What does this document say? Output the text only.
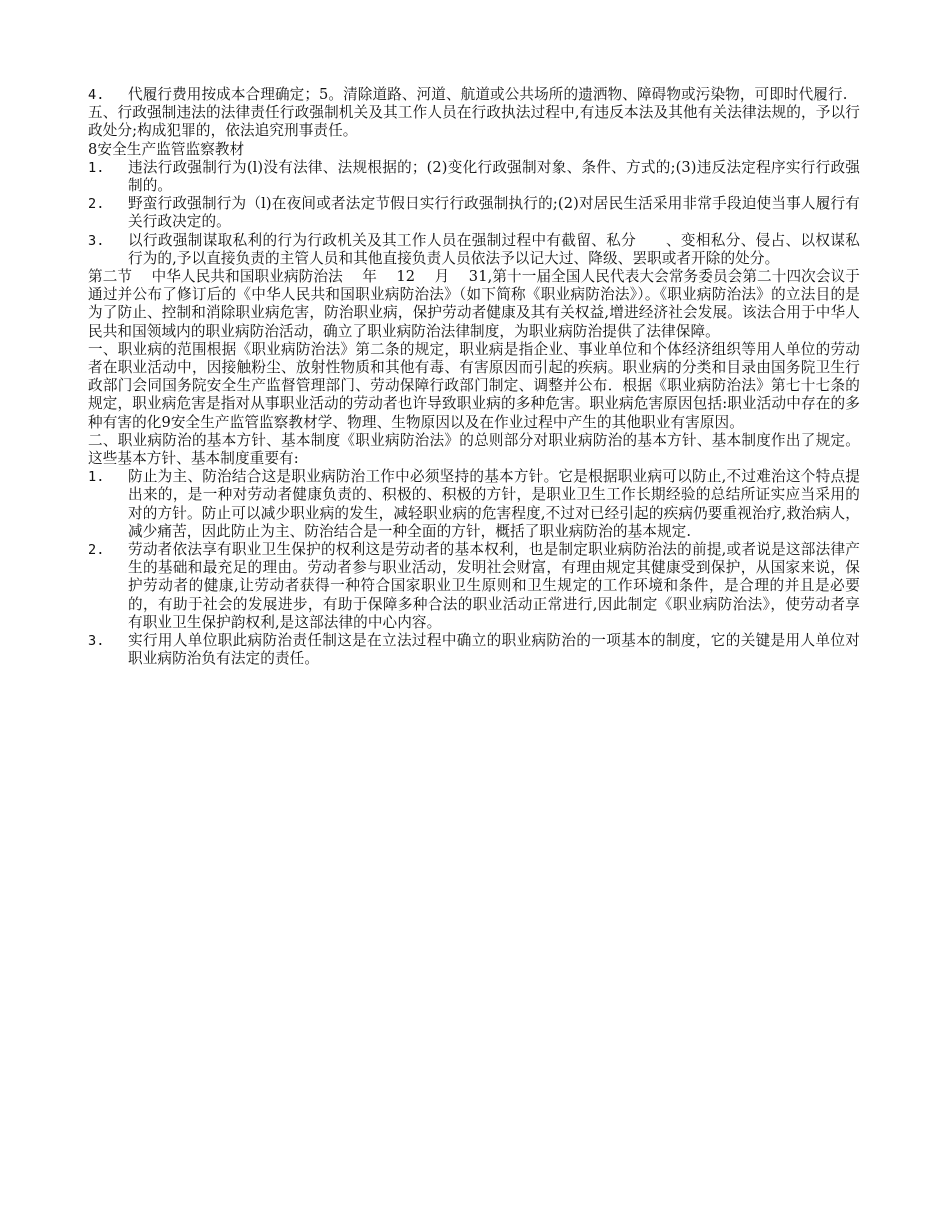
4.	代履行费用按成本合理确定；5。清除道路、河道、航道或公共场所的遗洒物、障碍物或污染物，可即时代履行.

五、行政强制违法的法律责任行政强制机关及其工作人员在行政执法过程中,有违反本法及其他有关法律法规的，予以行政处分;构成犯罪的，依法追究刑事责任。

8安全生产监管监察教材

1.	违法行政强制行为(l)没有法律、法规根据的；(2)变化行政强制对象、条件、方式的;(3)违反法定程序实行行政强制的。
2.	野蛮行政强制行为（l)在夜间或者法定节假日实行行政强制执行的;(2)对居民生活采用非常手段迫使当事人履行有关行政决定的。
3.	以行政强制谋取私利的行为行政机关及其工作人员在强制过程中有截留、私分　　、变相私分、侵占、以权谋私行为的,予以直接负责的主管人员和其他直接负责人员依法予以记大过、降级、罢职或者开除的处分。

第二节　 中华人民共和国职业病防治法　 年　 12　 月　 31,第十一届全国人民代表大会常务委员会第二十四次会议于通过并公布了修订后的《中华人民共和国职业病防治法》（如下简称《职业病防治法》）。《职业病防治法》的立法目的是为了防止、控制和消除职业病危害，防治职业病，保护劳动者健康及其有关权益,增进经济社会发展。该法合用于中华人民共和国领域内的职业病防治活动，确立了职业病防治法律制度，为职业病防治提供了法律保障。

一、职业病的范围根据《职业病防治法》第二条的规定，职业病是指企业、事业单位和个体经济组织等用人单位的劳动者在职业活动中，因接触粉尘、放射性物质和其他有毒、有害原因而引起的疾病。职业病的分类和目录由国务院卫生行政部门会同国务院安全生产监督管理部门、劳动保障行政部门制定、调整并公布．根据《职业病防治法》第七十七条的规定，职业病危害是指对从事职业活动的劳动者也许导致职业病的多种危害。职业病危害原因包括:职业活动中存在的多种有害的化9安全生产监管监察教材学、物理、生物原因以及在作业过程中产生的其他职业有害原因。

二、职业病防治的基本方针、基本制度《职业病防治法》的总则部分对职业病防治的基本方针、基本制度作出了规定。这些基本方针、基本制度重要有:

1.	防止为主、防治结合这是职业病防治工作中必须坚持的基本方针。它是根据职业病可以防止,不过难治这个特点提出来的，是一种对劳动者健康负责的、积极的、积极的方针，是职业卫生工作长期经验的总结所证实应当采用的对的方针。防止可以减少职业病的发生，减轻职业病的危害程度,不过对已经引起的疾病仍要重视治疗,救治病人，减少痛苦，因此防止为主、防治结合是一种全面的方针，概括了职业病防治的基本规定.
2.	劳动者依法享有职业卫生保护的权利这是劳动者的基本权利，也是制定职业病防治法的前提,或者说是这部法律产生的基础和最充足的理由。劳动者参与职业活动，发明社会财富，有理由规定其健康受到保护，从国家来说，保护劳动者的健康,让劳动者获得一种符合国家职业卫生原则和卫生规定的工作环境和条件，是合理的并且是必要的，有助于社会的发展进步，有助于保障多种合法的职业活动正常进行,因此制定《职业病防治法》，使劳动者享有职业卫生保护韵权利,是这部法律的中心内容。
3.	实行用人单位职此病防治责任制这是在立法过程中确立的职业病防治的一项基本的制度，它的关键是用人单位对职业病防治负有法定的责任。
